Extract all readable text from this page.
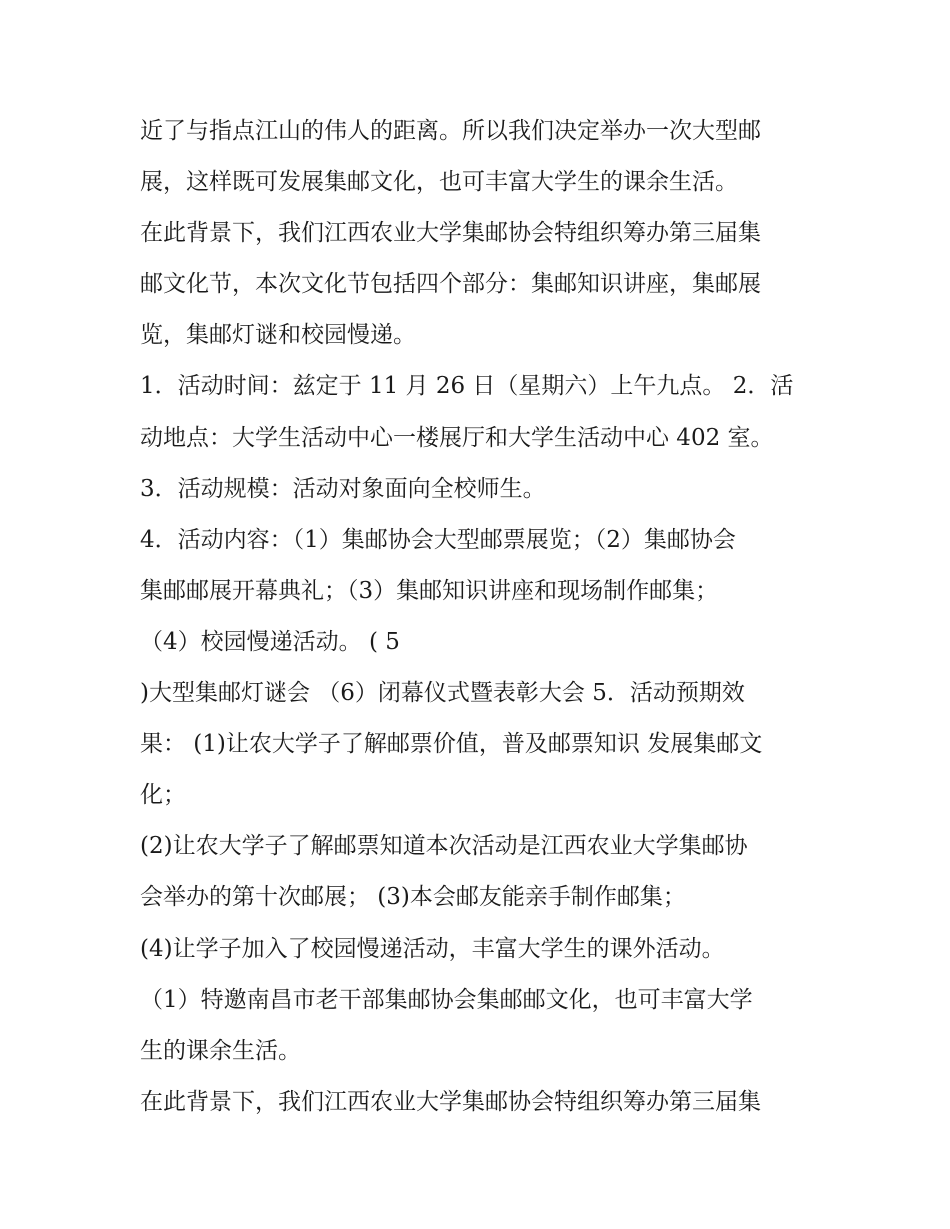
近了与指点江山的伟人的距离。所以我们决定举办一次大型邮
展，这样既可发展集邮文化，也可丰富大学生的课余生活。
在此背景下，我们江西农业大学集邮协会特组织筹办第三届集
邮文化节，本次文化节包括四个部分：集邮知识讲座，集邮展
览，集邮灯谜和校园慢递。
1．活动时间：兹定于 11 月 26 日（星期六）上午九点。 2．活
动地点：大学生活动中心一楼展厅和大学生活动中心 402 室。
3．活动规模：活动对象面向全校师生。
4．活动内容：（1）集邮协会大型邮票展览；（2）集邮协会
集邮邮展开幕典礼；（3）集邮知识讲座和现场制作邮集；
（4）校园慢递活动。 ( 5
)大型集邮灯谜会 （6）闭幕仪式暨表彰大会 5．活动预期效
果： (1)让农大学子了解邮票价值，普及邮票知识 发展集邮文
化；
(2)让农大学子了解邮票知道本次活动是江西农业大学集邮协
会举办的第十次邮展； (3)本会邮友能亲手制作邮集；
(4)让学子加入了校园慢递活动，丰富大学生的课外活动。
（1）特邀南昌市老干部集邮协会集邮邮文化，也可丰富大学
生的课余生活。
在此背景下，我们江西农业大学集邮协会特组织筹办第三届集
